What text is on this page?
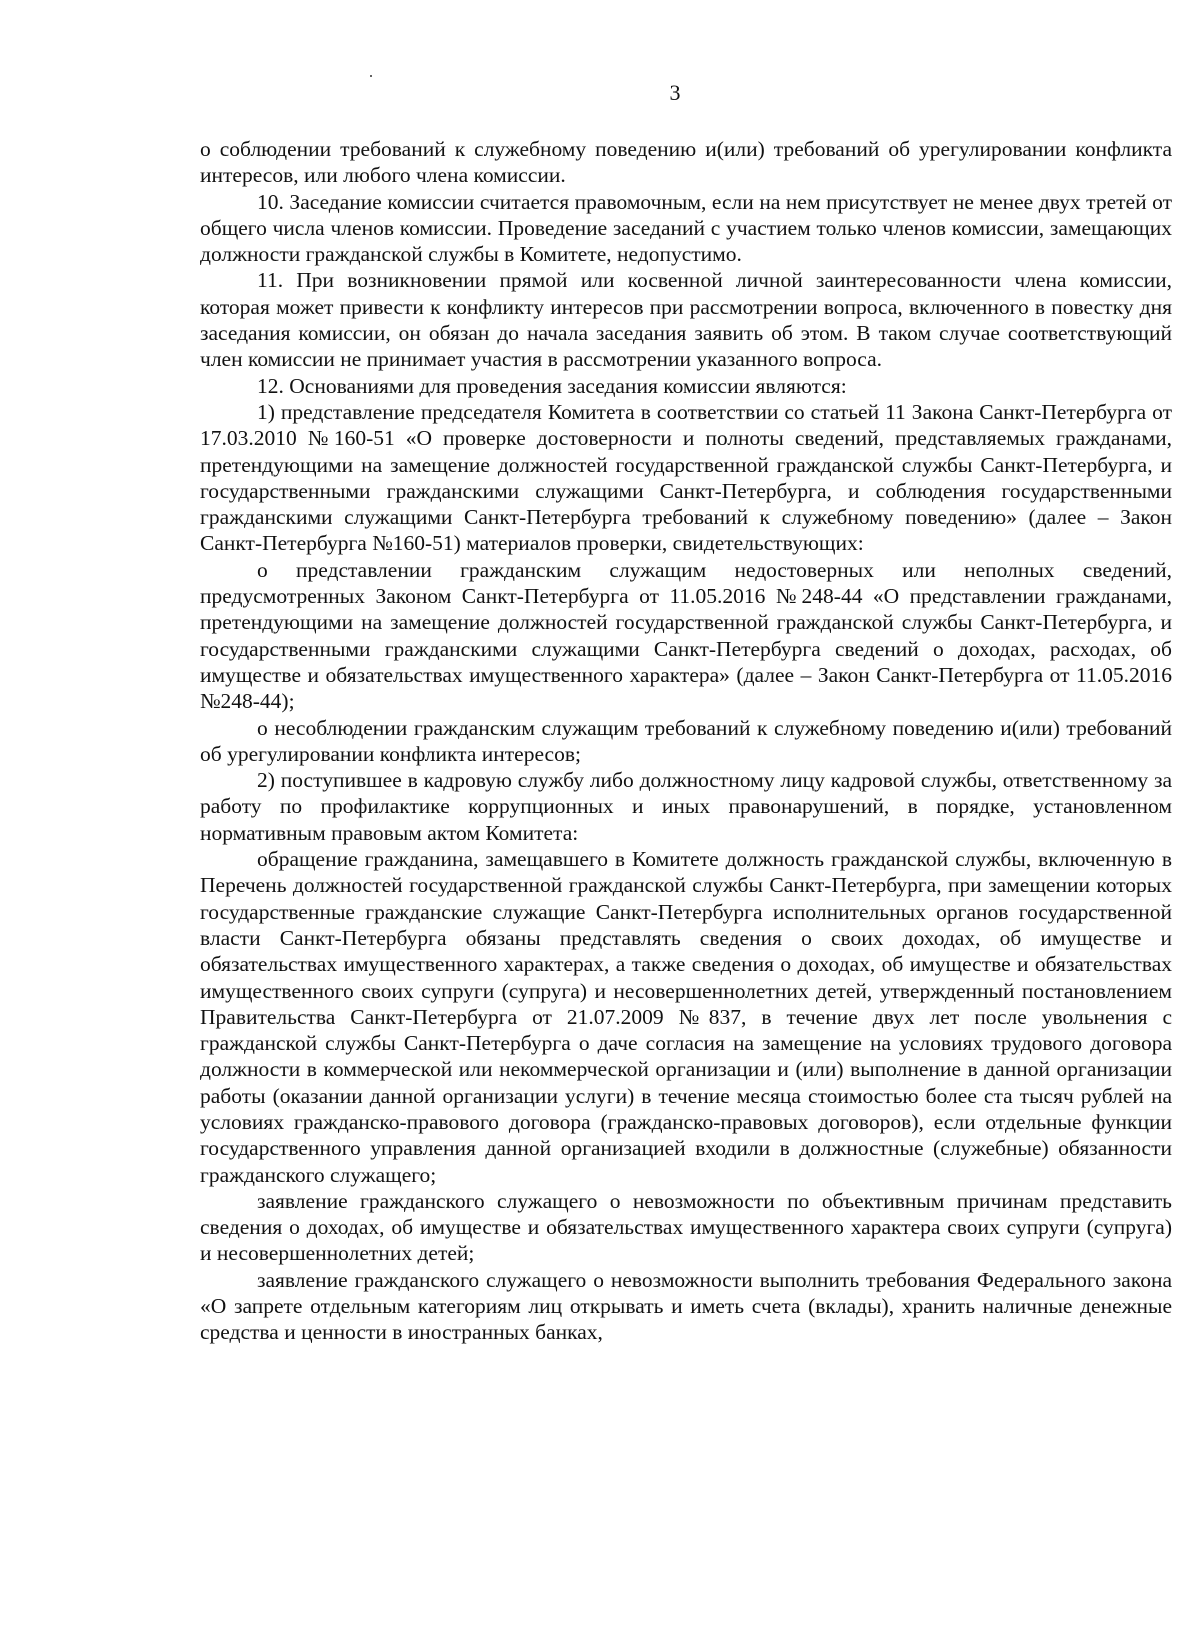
3

о соблюдении требований к служебному поведению и(или) требований об урегулировании конфликта интересов, или любого члена комиссии.

10. Заседание комиссии считается правомочным, если на нем присутствует не менее двух третей от общего числа членов комиссии. Проведение заседаний с участием только членов комиссии, замещающих должности гражданской службы в Комитете, недопустимо.

11. При возникновении прямой или косвенной личной заинтересованности члена комиссии, которая может привести к конфликту интересов при рассмотрении вопроса, включенного в повестку дня заседания комиссии, он обязан до начала заседания заявить об этом. В таком случае соответствующий член комиссии не принимает участия в рассмотрении указанного вопроса.

12. Основаниями для проведения заседания комиссии являются:

1) представление председателя Комитета в соответствии со статьей 11 Закона Санкт-Петербурга от 17.03.2010 №160-51 «О проверке достоверности и полноты сведений, представляемых гражданами, претендующими на замещение должностей государственной гражданской службы Санкт-Петербурга, и государственными гражданскими служащими Санкт-Петербурга, и соблюдения государственными гражданскими служащими Санкт-Петербурга требований к служебному поведению» (далее – Закон Санкт-Петербурга №160-51) материалов проверки, свидетельствующих:

о представлении гражданским служащим недостоверных или неполных сведений, предусмотренных Законом Санкт-Петербурга от 11.05.2016 №248-44 «О представлении гражданами, претендующими на замещение должностей государственной гражданской службы Санкт-Петербурга, и государственными гражданскими служащими Санкт-Петербурга сведений о доходах, расходах, об имуществе и обязательствах имущественного характера» (далее – Закон Санкт-Петербурга от 11.05.2016 №248-44);

о несоблюдении гражданским служащим требований к служебному поведению и(или) требований об урегулировании конфликта интересов;

2) поступившее в кадровую службу либо должностному лицу кадровой службы, ответственному за работу по профилактике коррупционных и иных правонарушений, в порядке, установленном нормативным правовым актом Комитета:

обращение гражданина, замещавшего в Комитете должность гражданской службы, включенную в Перечень должностей государственной гражданской службы Санкт-Петербурга, при замещении которых государственные гражданские служащие Санкт-Петербурга исполнительных органов государственной власти Санкт-Петербурга обязаны представлять сведения о своих доходах, об имуществе и обязательствах имущественного характерах, а также сведения о доходах, об имуществе и обязательствах имущественного своих супруги (супруга) и несовершеннолетних детей, утвержденный постановлением Правительства Санкт-Петербурга от 21.07.2009 №837, в течение двух лет после увольнения с гражданской службы Санкт-Петербурга о даче согласия на замещение на условиях трудового договора должности в коммерческой или некоммерческой организации и (или) выполнение в данной организации работы (оказании данной организации услуги) в течение месяца стоимостью более ста тысяч рублей на условиях гражданско-правового договора (гражданско-правовых договоров), если отдельные функции государственного управления данной организацией входили в должностные (служебные) обязанности гражданского служащего;

заявление гражданского служащего о невозможности по объективным причинам представить сведения о доходах, об имуществе и обязательствах имущественного характера своих супруги (супруга) и несовершеннолетних детей;

заявление гражданского служащего о невозможности выполнить требования Федерального закона «О запрете отдельным категориям лиц открывать и иметь счета (вклады), хранить наличные денежные средства и ценности в иностранных банках,
